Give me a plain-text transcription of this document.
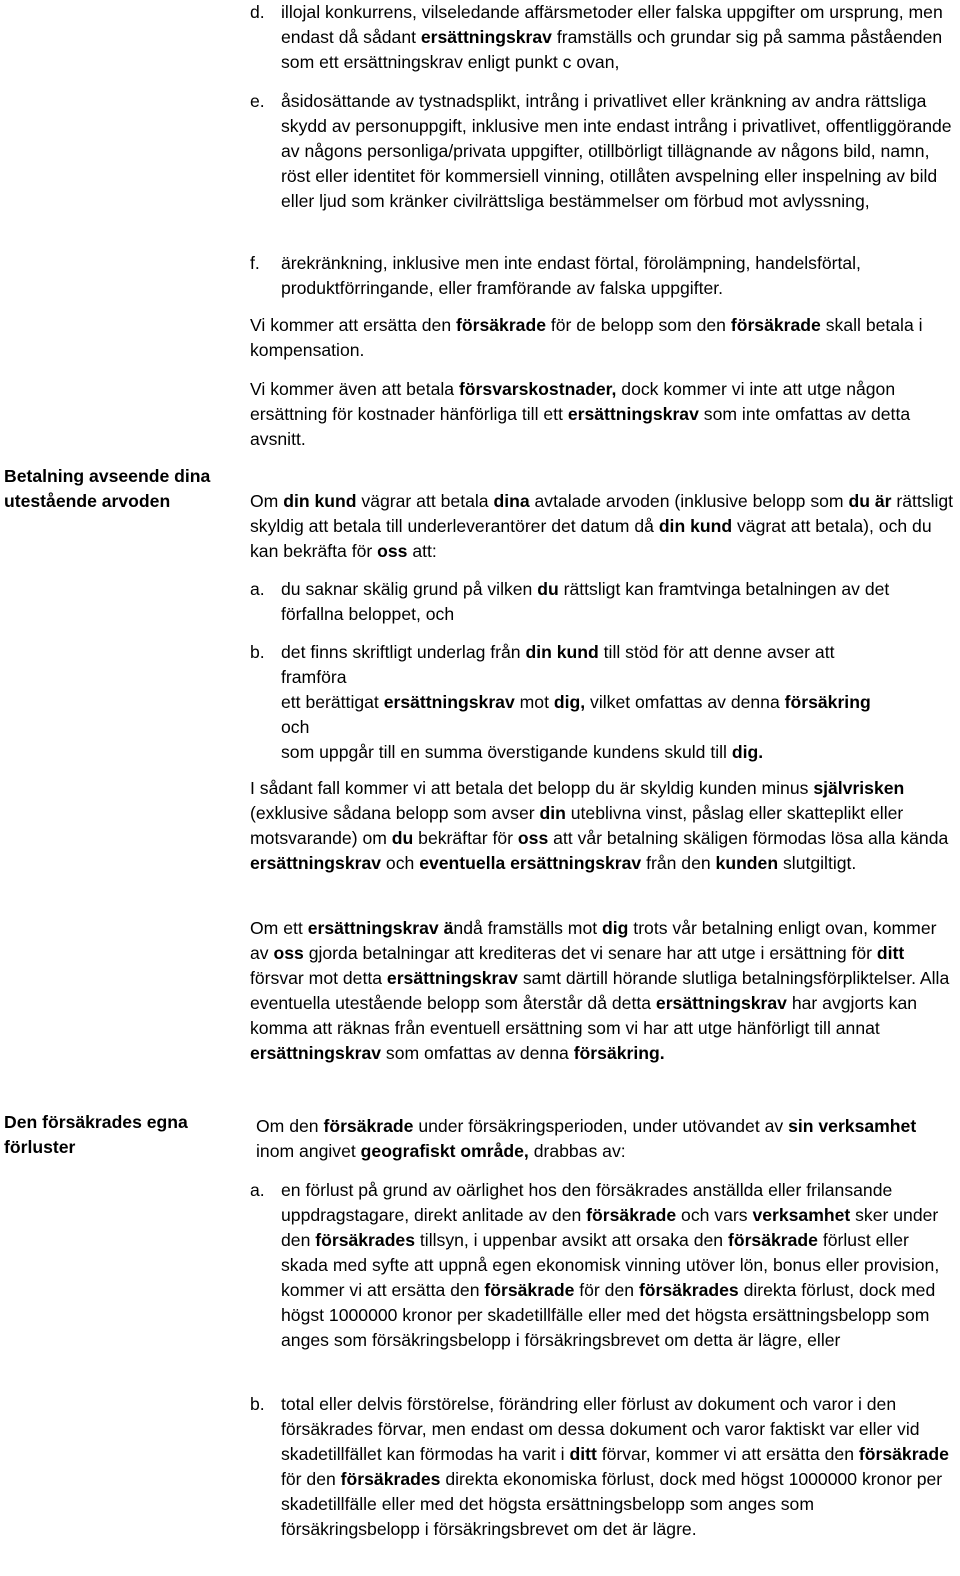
d. illojal konkurrens, vilseledande affärsmetoder eller falska uppgifter om ursprung, men endast då sådant ersättningskrav framställs och grundar sig på samma påståenden som ett ersättningskrav enligt punkt c ovan,

e. åsidosättande av tystnadsplikt, intrång i privatlivet eller kränkning av andra rättsliga skydd av personuppgift, inklusive men inte endast intrång i privatlivet, offentliggörande av någons personliga/privata uppgifter, otillbörligt tillägnande av någons bild, namn, röst eller identitet för kommersiell vinning, otillåten avspelning eller inspelning av bild eller ljud som kränker civilrättsliga bestämmelser om förbud mot avlyssning,

f. ärekränkning, inklusive men inte endast förtal, förolämpning, handelsförtal, produktförringande, eller framförande av falska uppgifter.

Vi kommer att ersätta den försäkrade för de belopp som den försäkrade skall betala i kompensation.

Vi kommer även att betala försvarskostnader, dock kommer vi inte att utge någon ersättning för kostnader hänförliga till ett ersättningskrav som inte omfattas av detta avsnitt.

Betalning avseende dina utestående arvoden	Om din kund vägrar att betala dina avtalade arvoden (inklusive belopp som du är rättsligt skyldig att betala till underleverantörer det datum då din kund vägrat att betala), och du kan bekräfta för oss att:

a. du saknar skälig grund på vilken du rättsligt kan framtvinga betalningen av det förfallna beloppet, och

b. det finns skriftligt underlag från din kund till stöd för att denne avser att framföra
ett berättigat ersättningskrav mot dig, vilket omfattas av denna försäkring och
som uppgår till en summa överstigande kundens skuld till dig.

I sådant fall kommer vi att betala det belopp du är skyldig kunden minus självrisken (exklusive sådana belopp som avser din uteblivna vinst, påslag eller skatteplikt eller motsvarande) om du bekräftar för oss att vår betalning skäligen förmodas lösa alla kända ersättningskrav och eventuella ersättningskrav från den kunden slutgiltigt.

Om ett ersättningskrav ändå framställs mot dig trots vår betalning enligt ovan, kommer av oss gjorda betalningar att krediteras det vi senare har att utge i ersättning för ditt försvar mot detta ersättningskrav samt därtill hörande slutliga betalningsförpliktelser. Alla eventuella utestående belopp som återstår då detta ersättningskrav har avgjorts kan komma att räknas från eventuell ersättning som vi har att utge hänförligt till annat ersättningskrav som omfattas av denna försäkring.

Den försäkrades egna förluster

Om den försäkrade under försäkringsperioden, under utövandet av sin verksamhet inom angivet geografiskt område, drabbas av:

a. en förlust på grund av oärlighet hos den försäkrades anställda eller frilansande uppdragstagare, direkt anlitade av den försäkrade och vars verksamhet sker under den försäkrades tillsyn, i uppenbar avsikt att orsaka den försäkrade förlust eller skada med syfte att uppnå egen ekonomisk vinning utöver lön, bonus eller provision, kommer vi att ersätta den försäkrade för den försäkrades direkta förlust, dock med högst 1000000 kronor per skadetillfälle eller med det högsta ersättningsbelopp som anges som försäkringsbelopp i försäkringsbrevet om detta är lägre, eller

b. total eller delvis förstörelse, förändring eller förlust av dokument och varor i den försäkrades förvar, men endast om dessa dokument och varor faktiskt var eller vid skadetillfället kan förmodas ha varit i ditt förvar, kommer vi att ersätta den försäkrade för den försäkrades direkta ekonomiska förlust, dock med högst 1000000 kronor per skadetillfälle eller med det högsta ersättningsbelopp som anges som försäkringsbelopp i försäkringsbrevet om det är lägre.
